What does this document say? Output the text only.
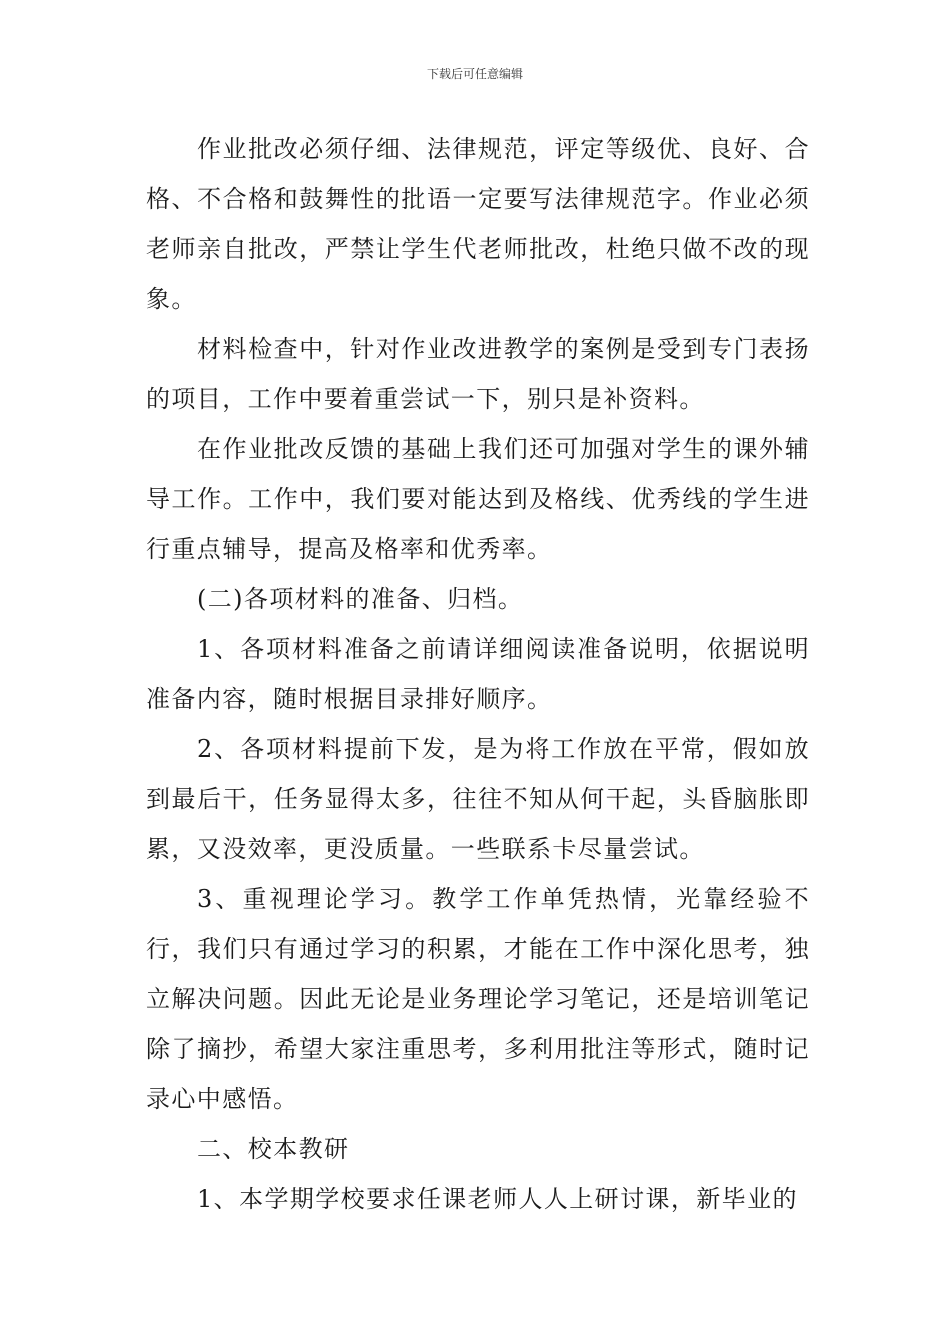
下载后可任意编辑

作业批改必须仔细、法律规范，评定等级优、良好、合格、不合格和鼓舞性的批语一定要写法律规范字。作业必须老师亲自批改，严禁让学生代老师批改，杜绝只做不改的现象。

材料检查中，针对作业改进教学的案例是受到专门表扬的项目，工作中要着重尝试一下，别只是补资料。

在作业批改反馈的基础上我们还可加强对学生的课外辅导工作。工作中，我们要对能达到及格线、优秀线的学生进行重点辅导，提高及格率和优秀率。

(二)各项材料的准备、归档。

1、各项材料准备之前请详细阅读准备说明，依据说明准备内容，随时根据目录排好顺序。

2、各项材料提前下发，是为将工作放在平常，假如放到最后干，任务显得太多，往往不知从何干起，头昏脑胀即累，又没效率，更没质量。一些联系卡尽量尝试。

3、重视理论学习。教学工作单凭热情，光靠经验不行，我们只有通过学习的积累，才能在工作中深化思考，独立解决问题。因此无论是业务理论学习笔记，还是培训笔记除了摘抄，希望大家注重思考，多利用批注等形式，随时记录心中感悟。

二、校本教研

1、本学期学校要求任课老师人人上研讨课，新毕业的
